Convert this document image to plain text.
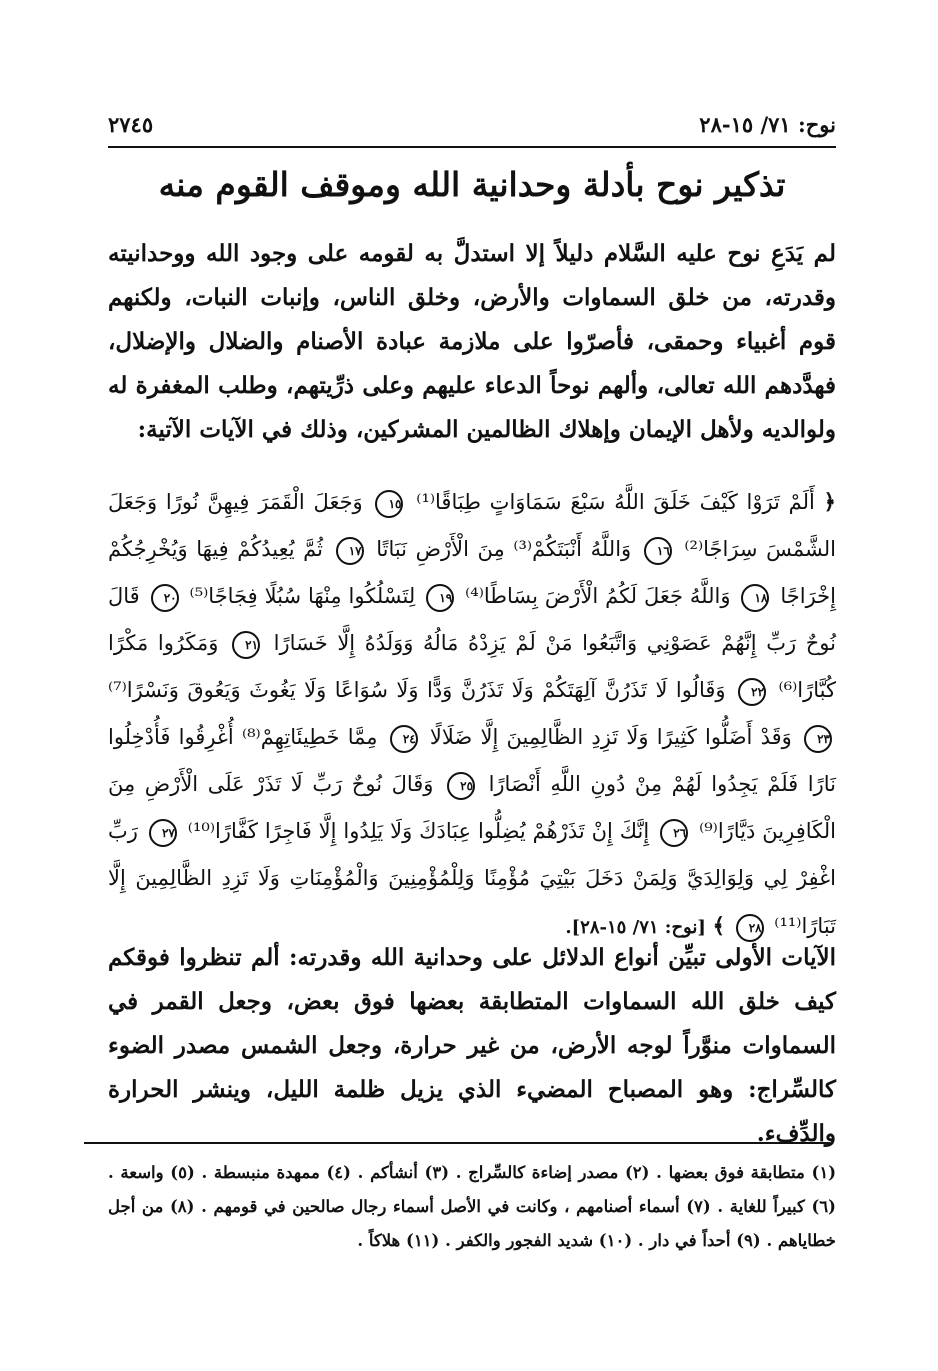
نوح: ٧١/ ١٥-٢٨
٢٧٤٥
تذكير نوح بأدلة وحدانية الله وموقف القوم منه

لم يَدَعِ نوح عليه السَّلام دليلاً إلا استدلَّ به لقومه على وجود الله ووحدانيته وقدرته، من خلق السماوات والأرض، وخلق الناس، وإنبات النبات، ولكنهم قوم أغبياء وحمقى، فأصرّوا على ملازمة عبادة الأصنام والضلال والإضلال، فهدَّدهم الله تعالى، وألهم نوحاً الدعاء عليهم وعلى ذرِّيتهم، وطلب المغفرة له ولوالديه ولأهل الإيمان وإهلاك الظالمين المشركين، وذلك في الآيات الآتية:

﴿ أَلَمْ تَرَوْا كَيْفَ خَلَقَ اللَّهُ سَبْعَ سَمَاوَاتٍ طِبَاقًا⁽¹⁾ ١٥ وَجَعَلَ الْقَمَرَ فِيهِنَّ نُورًا وَجَعَلَ الشَّمْسَ سِرَاجًا⁽²⁾ ١٦ وَاللَّهُ أَنْبَتَكُمْ⁽³⁾ مِنَ الْأَرْضِ نَبَاتًا ١٧ ثُمَّ يُعِيدُكُمْ فِيهَا وَيُخْرِجُكُمْ إِخْرَاجًا ١٨ وَاللَّهُ جَعَلَ لَكُمُ الْأَرْضَ بِسَاطًا⁽⁴⁾ ١٩ لِتَسْلُكُوا مِنْهَا سُبُلًا فِجَاجًا⁽⁵⁾ ٢٠ قَالَ نُوحٌ رَبِّ إِنَّهُمْ عَصَوْنِي وَاتَّبَعُوا مَنْ لَمْ يَزِدْهُ مَالُهُ وَوَلَدُهُ إِلَّا خَسَارًا ٢١ وَمَكَرُوا مَكْرًا كُبَّارًا⁽⁶⁾ ٢٢ وَقَالُوا لَا تَذَرُنَّ آلِهَتَكُمْ وَلَا تَذَرُنَّ وَدًّا وَلَا سُوَاعًا وَلَا يَغُوثَ وَيَعُوقَ وَنَسْرًا⁽⁷⁾ ٢٣ وَقَدْ أَضَلُّوا كَثِيرًا وَلَا تَزِدِ الظَّالِمِينَ إِلَّا ضَلَالًا ٢٤ مِمَّا خَطِيئَاتِهِمْ⁽⁸⁾ أُغْرِقُوا فَأُدْخِلُوا نَارًا فَلَمْ يَجِدُوا لَهُمْ مِنْ دُونِ اللَّهِ أَنْصَارًا ٢٥ وَقَالَ نُوحٌ رَبِّ لَا تَذَرْ عَلَى الْأَرْضِ مِنَ الْكَافِرِينَ دَيَّارًا⁽⁹⁾ ٢٦ إِنَّكَ إِنْ تَذَرْهُمْ يُضِلُّوا عِبَادَكَ وَلَا يَلِدُوا إِلَّا فَاجِرًا كَفَّارًا⁽¹⁰⁾ ٢٧ رَبِّ اغْفِرْ لِي وَلِوَالِدَيَّ وَلِمَنْ دَخَلَ بَيْتِيَ مُؤْمِنًا وَلِلْمُؤْمِنِينَ وَالْمُؤْمِنَاتِ وَلَا تَزِدِ الظَّالِمِينَ إِلَّا تَبَارًا⁽¹¹⁾ ٢٨ ﴾ [نوح: ٧١/ ١٥-٢٨].

الآيات الأولى تبيِّن أنواع الدلائل على وحدانية الله وقدرته: ألم تنظروا فوقكم كيف خلق الله السماوات المتطابقة بعضها فوق بعض، وجعل القمر في السماوات منوَّراً لوجه الأرض، من غير حرارة، وجعل الشمس مصدر الضوء كالسِّراج: وهو المصباح المضيء الذي يزيل ظلمة الليل، وينشر الحرارة والدِّفء.

(١) متطابقة فوق بعضها . (٢) مصدر إضاءة كالسِّراج . (٣) أنشأكم . (٤) ممهدة منبسطة . (٥) واسعة . (٦) كبيراً للغاية . (٧) أسماء أصنامهم ، وكانت في الأصل أسماء رجال صالحين في قومهم . (٨) من أجل خطاياهم . (٩) أحداً في دار . (١٠) شديد الفجور والكفر . (١١) هلاكاً .
